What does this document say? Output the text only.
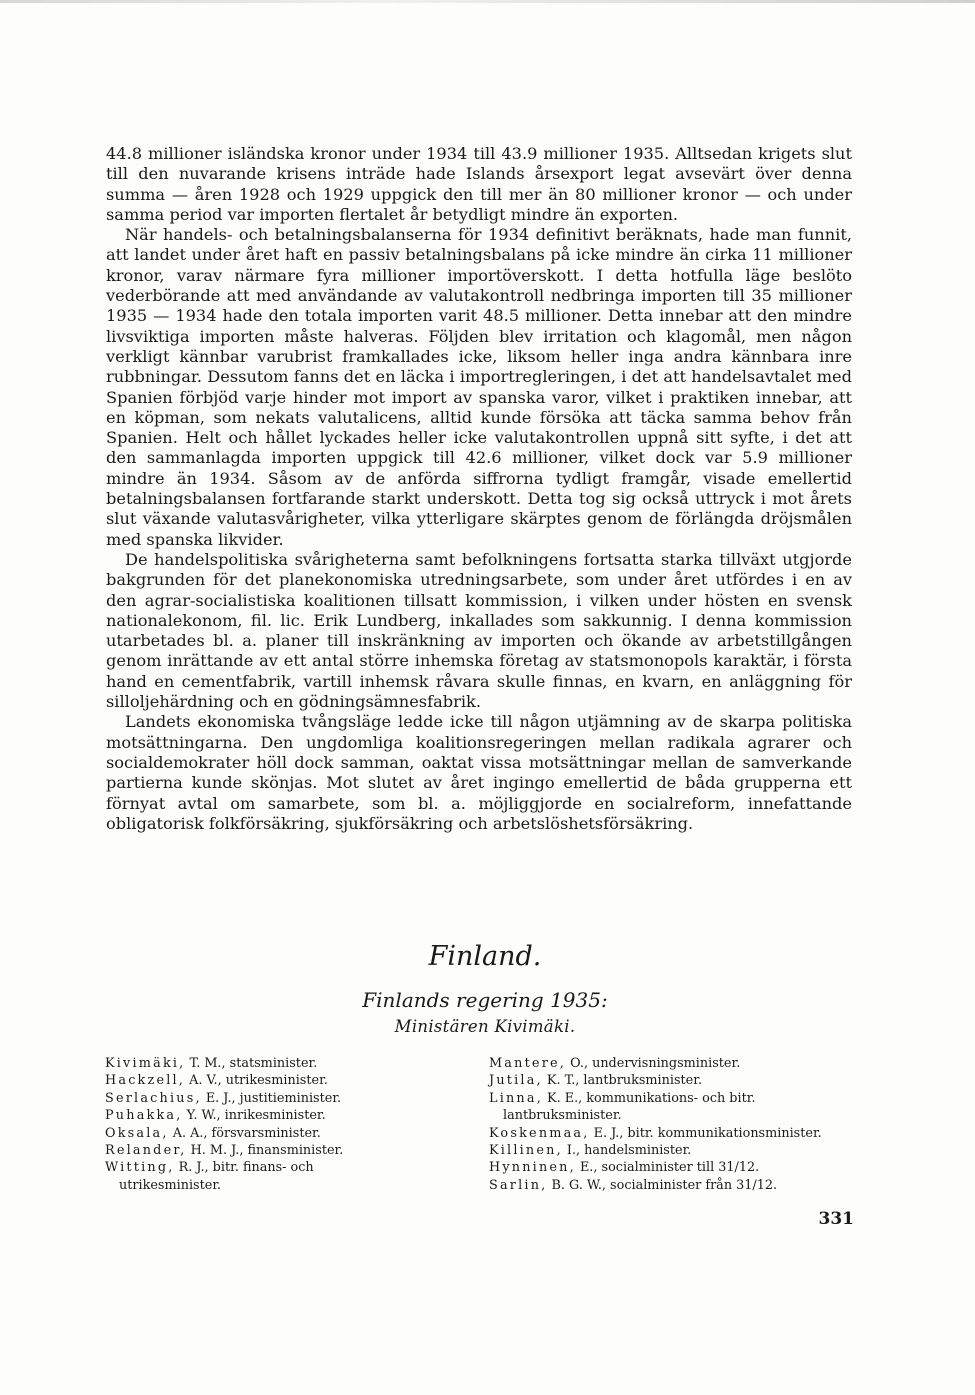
44.8 millioner isländska kronor under 1934 till 43.9 millioner 1935. Alltsedan krigets slut till den nuvarande krisens inträde hade Islands årsexport legat avsevärt över denna summa — åren 1928 och 1929 uppgick den till mer än 80 millioner kronor — och under samma period var importen flertalet år betydligt mindre än exporten.

När handels- och betalningsbalanserna för 1934 definitivt beräknats, hade man funnit, att landet under året haft en passiv betalningsbalans på icke mindre än cirka 11 millioner kronor, varav närmare fyra millioner importöverskott. I detta hotfulla läge beslöto vederbörande att med användande av valutakontroll nedbringa importen till 35 millioner 1935 — 1934 hade den totala importen varit 48.5 millioner. Detta innebar att den mindre livsviktiga importen måste halveras. Följden blev irritation och klagomål, men någon verkligt kännbar varubrist framkallades icke, liksom heller inga andra kännbara inre rubbningar. Dessutom fanns det en läcka i importregleringen, i det att handelsavtalet med Spanien förbjöd varje hinder mot import av spanska varor, vilket i praktiken innebar, att en köpman, som nekats valutalicens, alltid kunde försöka att täcka samma behov från Spanien. Helt och hållet lyckades heller icke valutakontrollen uppnå sitt syfte, i det att den sammanlagda importen uppgick till 42.6 millioner, vilket dock var 5.9 millioner mindre än 1934. Såsom av de anförda siffrorna tydligt framgår, visade emellertid betalningsbalansen fortfarande starkt underskott. Detta tog sig också uttryck i mot årets slut växande valutasvårigheter, vilka ytterligare skärptes genom de förlängda dröjsmålen med spanska likvider.

De handelspolitiska svårigheterna samt befolkningens fortsatta starka tillväxt utgjorde bakgrunden för det planekonomiska utredningsarbete, som under året utfördes i en av den agrar-socialistiska koalitionen tillsatt kommission, i vilken under hösten en svensk nationalekonom, fil. lic. Erik Lundberg, inkallades som sakkunnig. I denna kommission utarbetades bl. a. planer till inskränkning av importen och ökande av arbetstillgången genom inrättande av ett antal större inhemska företag av statsmonopols karaktär, i första hand en cementfabrik, vartill inhemsk råvara skulle finnas, en kvarn, en anläggning för silloljehärdning och en gödningsämnesfabrik.

Landets ekonomiska tvångsläge ledde icke till någon utjämning av de skarpa politiska motsättningarna. Den ungdomliga koalitionsregeringen mellan radikala agrarer och socialdemokrater höll dock samman, oaktat vissa motsättningar mellan de samverkande partierna kunde skönjas. Mot slutet av året ingingo emellertid de båda grupperna ett förnyat avtal om samarbete, som bl. a. möjliggjorde en socialreform, innefattande obligatorisk folkförsäkring, sjukförsäkring och arbetslöshetsförsäkring.

Finland.
Finlands regering 1935:
Ministären Kivimäki.
Kivimäki, T. M., statsminister.
Hackzell, A. V., utrikesminister.
Serlachius, E. J., justitieminister.
Puhakka, Y. W., inrikesminister.
Oksala, A. A., försvarsminister.
Relander, H. M. J., finansminister.
Witting, R. J., bitr. finans- och utrikesminister.
Mantere, O., undervisningsminister.
Jutila, K. T., lantbruksminister.
Linna, K. E., kommunikations- och bitr. lantbruksminister.
Koskenmaa, E. J., bitr. kommunikationsminister.
Killinen, I., handelsminister.
Hynninen, E., socialminister till 31/12.
Sarlin, B. G. W., socialminister från 31/12.
331
